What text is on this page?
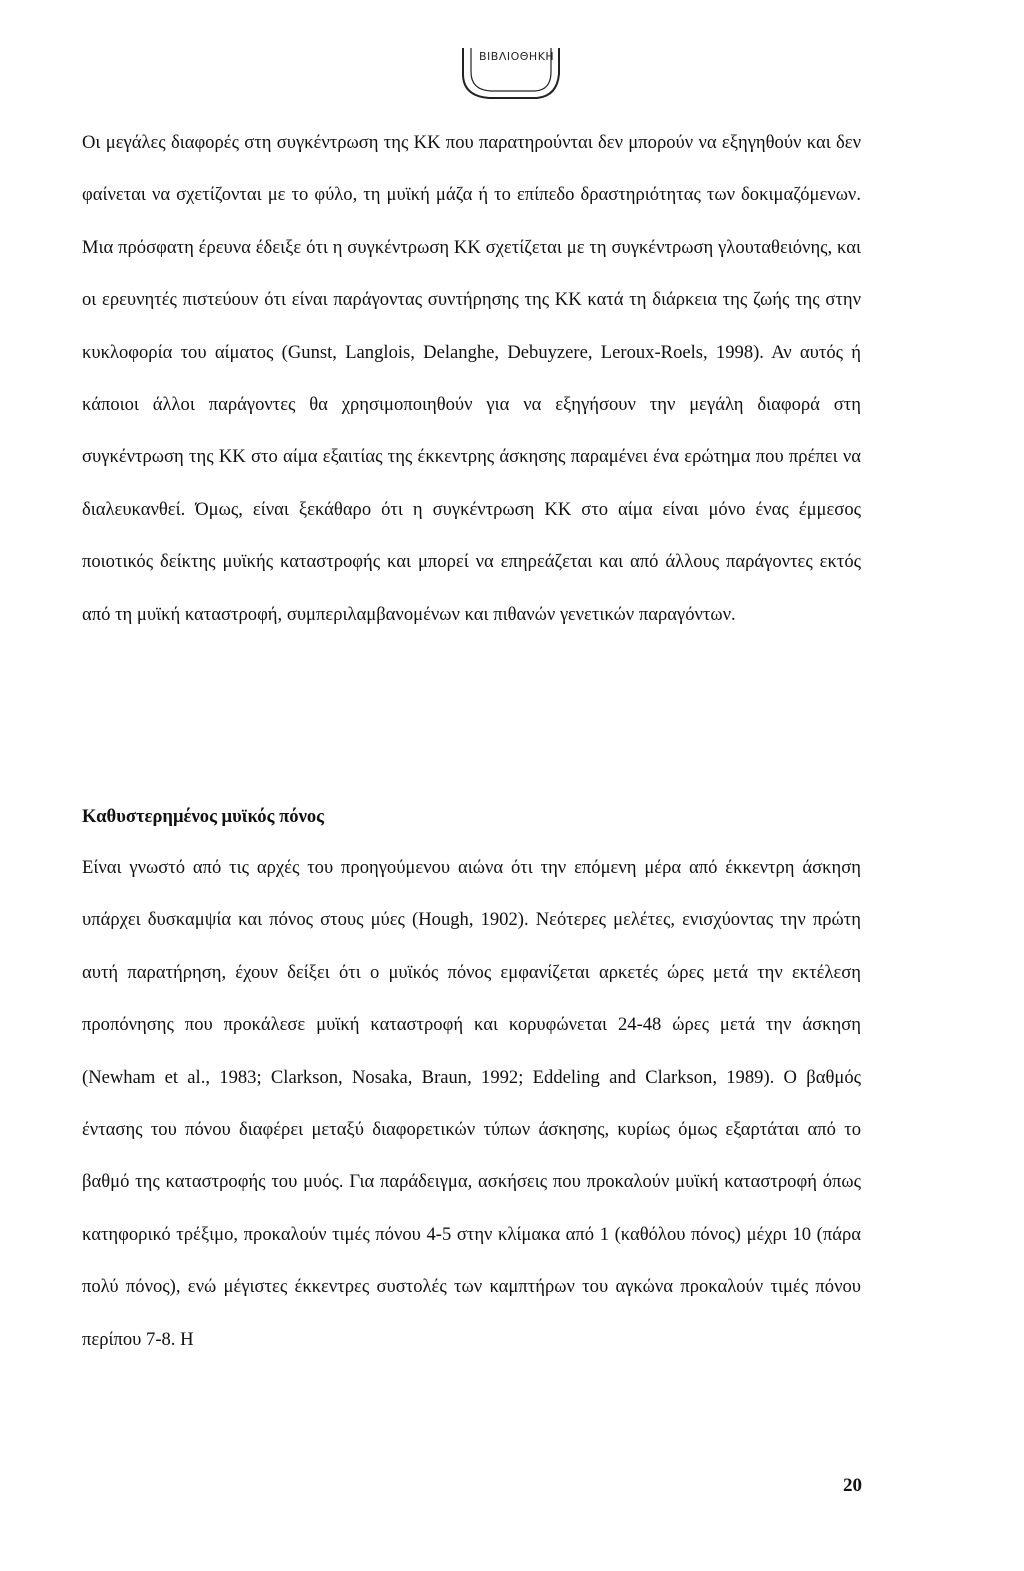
ΒΙΒΛΙΟΘΗΚΗ

Οι μεγάλες διαφορές στη συγκέντρωση της ΚΚ που παρατηρούνται δεν μπορούν να εξηγηθούν και δεν φαίνεται να σχετίζονται με το φύλο, τη μυϊκή μάζα ή το επίπεδο δραστηριότητας των δοκιμαζόμενων. Μια πρόσφατη έρευνα έδειξε ότι η συγκέντρωση ΚΚ σχετίζεται με τη συγκέντρωση γλουταθειόνης, και οι ερευνητές πιστεύουν ότι είναι παράγοντας συντήρησης της ΚΚ κατά τη διάρκεια της ζωής της στην κυκλοφορία του αίματος (Gunst, Langlois, Delanghe, Debuyzere, Leroux-Roels, 1998). Αν αυτός ή κάποιοι άλλοι παράγοντες θα χρησιμοποιηθούν για να εξηγήσουν την μεγάλη διαφορά στη συγκέντρωση της ΚΚ στο αίμα εξαιτίας της έκκεντρης άσκησης παραμένει ένα ερώτημα που πρέπει να διαλευκανθεί. Όμως, είναι ξεκάθαρο ότι η συγκέντρωση ΚΚ στο αίμα είναι μόνο ένας έμμεσος ποιοτικός δείκτης μυϊκής καταστροφής και μπορεί να επηρεάζεται και από άλλους παράγοντες εκτός από τη μυϊκή καταστροφή, συμπεριλαμβανομένων και πιθανών γενετικών παραγόντων.

Καθυστερημένος μυϊκός πόνος

Είναι γνωστό από τις αρχές του προηγούμενου αιώνα ότι την επόμενη μέρα από έκκεντρη άσκηση υπάρχει δυσκαμψία και πόνος στους μύες (Hough, 1902). Νεότερες μελέτες, ενισχύοντας την πρώτη αυτή παρατήρηση, έχουν δείξει ότι ο μυϊκός πόνος εμφανίζεται αρκετές ώρες μετά την εκτέλεση προπόνησης που προκάλεσε μυϊκή καταστροφή και κορυφώνεται 24-48 ώρες μετά την άσκηση (Newham et al., 1983; Clarkson, Nosaka, Braun, 1992; Eddeling and Clarkson, 1989). Ο βαθμός έντασης του πόνου διαφέρει μεταξύ διαφορετικών τύπων άσκησης, κυρίως όμως εξαρτάται από το βαθμό της καταστροφής του μυός. Για παράδειγμα, ασκήσεις που προκαλούν μυϊκή καταστροφή όπως κατηφορικό τρέξιμο, προκαλούν τιμές πόνου 4-5 στην κλίμακα από 1 (καθόλου πόνος) μέχρι 10 (πάρα πολύ πόνος), ενώ μέγιστες έκκεντρες συστολές των καμπτήρων του αγκώνα προκαλούν τιμές πόνου περίπου 7-8. Η

20
